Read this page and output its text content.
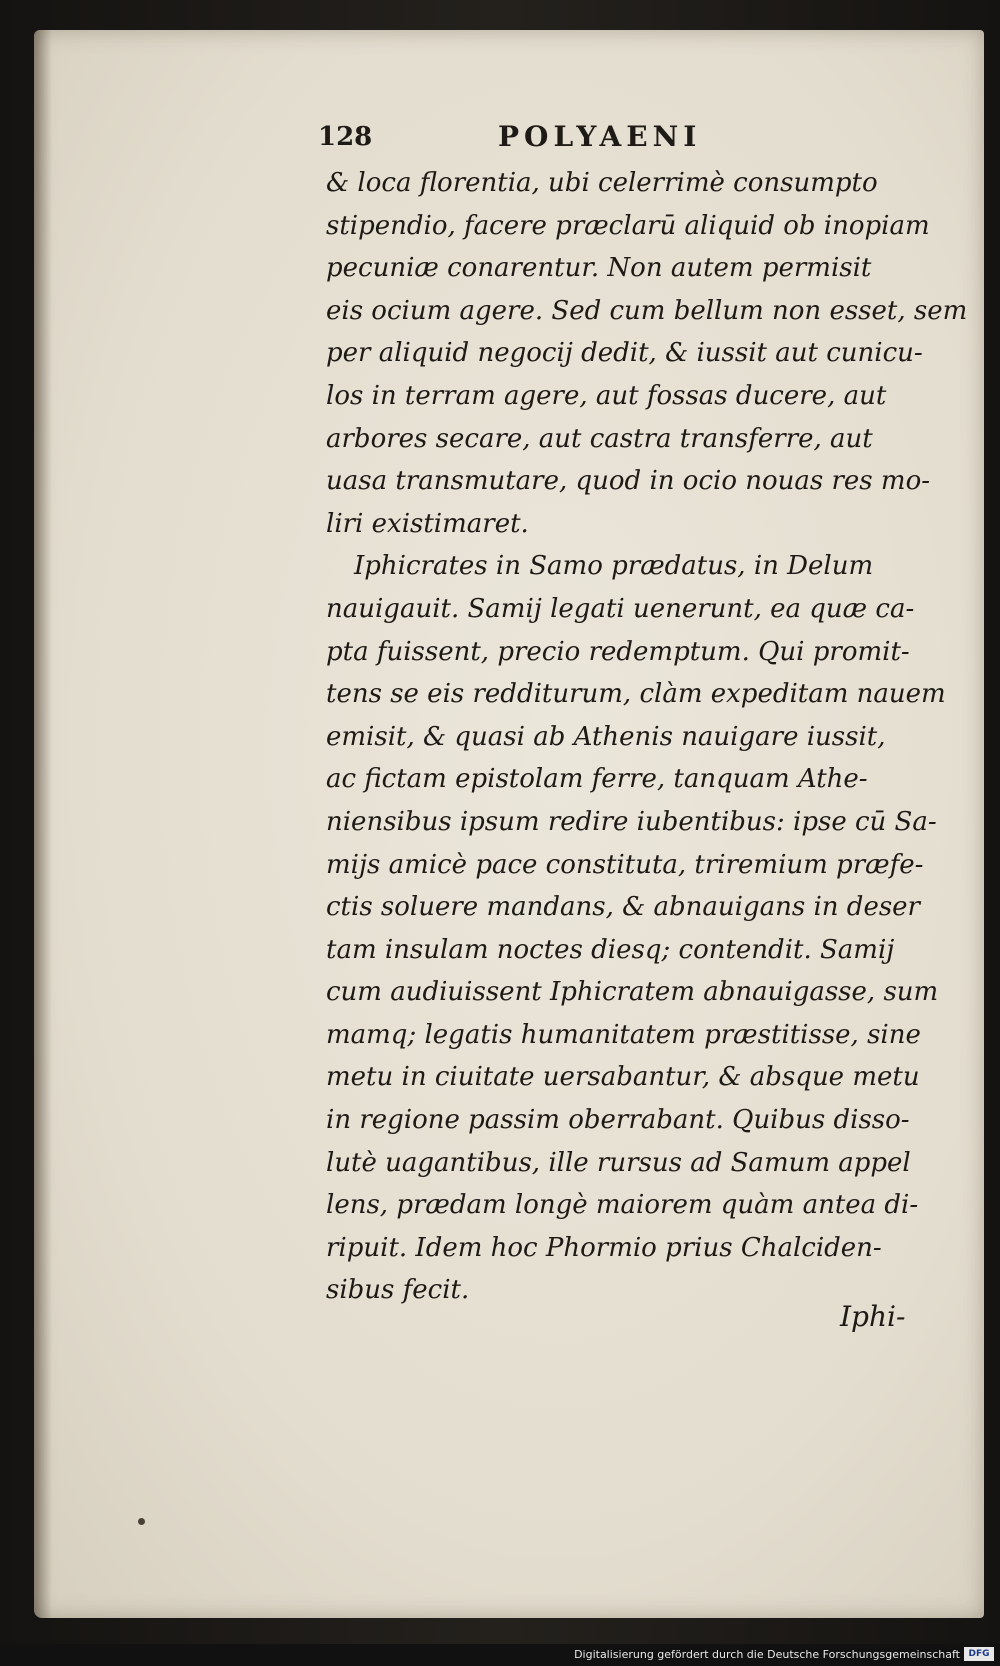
128	POLYAENI
& loca florentia, ubi celerrimè consumpto
stipendio, facere præclarū aliquid ob inopiam
pecuniæ conarentur. Non autem permisit
eis ocium agere. Sed cum bellum non esset, sem
per aliquid negocij dedit, & iussit aut cunicu-
los in terram agere, aut fossas ducere, aut
arbores secare, aut castra transferre, aut
uasa transmutare, quod in ocio nouas res mo-
liri existimaret.
Iphicrates in Samo prædatus, in Delum
nauigauit. Samij legati uenerunt, ea quæ ca-
pta fuissent, precio redemptum. Qui promit-
tens se eis redditurum, clàm expeditam nauem
emisit, & quasi ab Athenis nauigare iussit,
ac fictam epistolam ferre, tanquam Athe-
niensibus ipsum redire iubentibus: ipse cū Sa-
mijs amicè pace constituta, triremium præfe-
ctis soluere mandans, & abnauigans in deser
tam insulam noctes diesq; contendit. Samij
cum audiuissent Iphicratem abnauigasse, sum
mamq; legatis humanitatem præstitisse, sine
metu in ciuitate uersabantur, & absque metu
in regione passim oberrabant. Quibus disso-
lutè uagantibus, ille rursus ad Samum appel
lens, prædam longè maiorem quàm antea di-
ripuit. Idem hoc Phormio prius Chalciden-
sibus fecit.
Iphi-
Digitalisierung gefördert durch die Deutsche Forschungsgemeinschaft DFG
